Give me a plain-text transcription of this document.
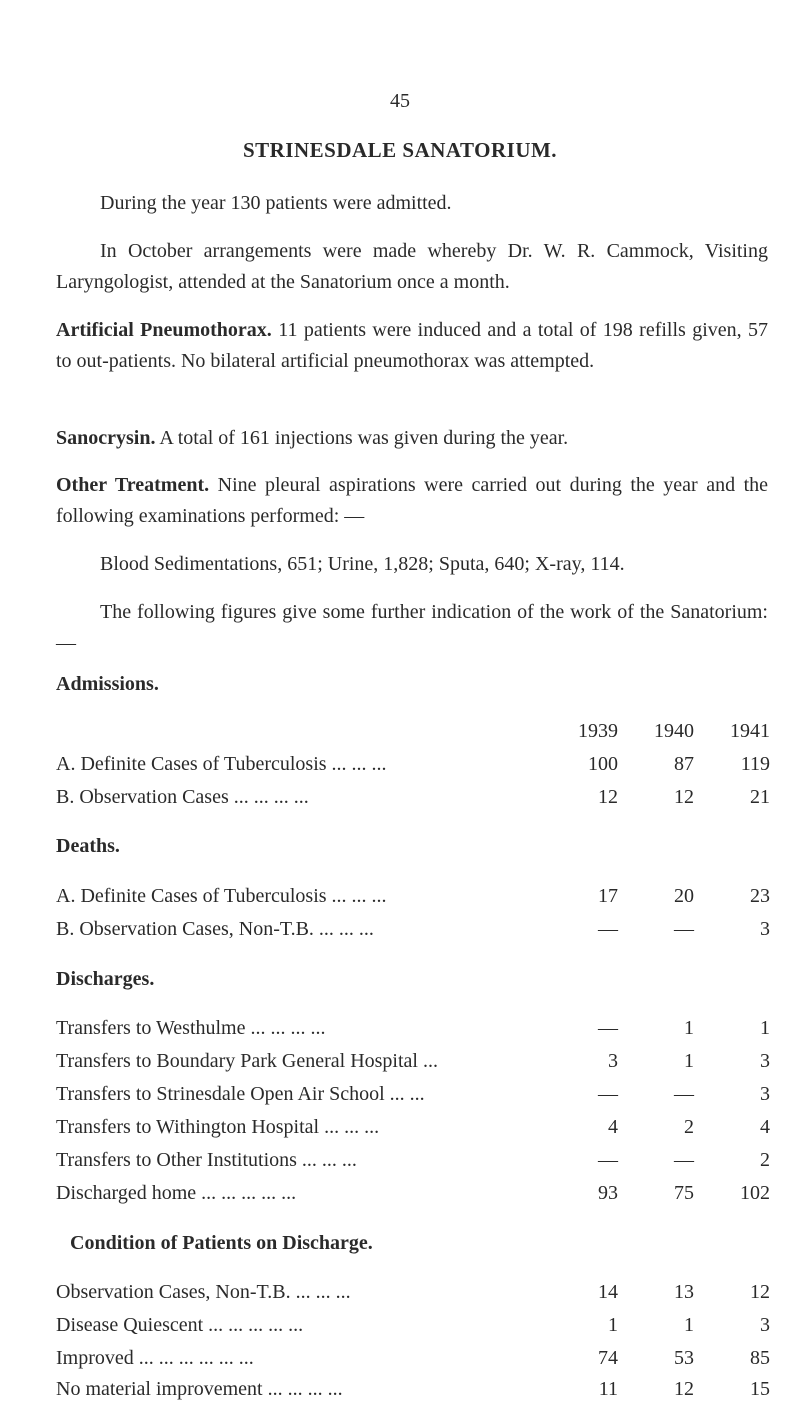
45
STRINESDALE SANATORIUM.
During the year 130 patients were admitted.
In October arrangements were made whereby Dr. W. R. Cammock, Visiting Laryngologist, attended at the Sanatorium once a month.
Artificial Pneumothorax. 11 patients were induced and a total of 198 refills given, 57 to out-patients. No bilateral artificial pneumothorax was attempted.
Sanocrysin. A total of 161 injections was given during the year.
Other Treatment. Nine pleural aspirations were carried out during the year and the following examinations performed: —
Blood Sedimentations, 651; Urine, 1,828; Sputa, 640; X-ray, 114.
The following figures give some further indication of the work of the Sanatorium: —
Admissions.
1939	1940	1941
A. Definite Cases of Tuberculosis ... ... ...	100	87	119
B. Observation Cases ... ... ... ...	12	12	21
Deaths.
A. Definite Cases of Tuberculosis ... ... ...	17	20	23
B. Observation Cases, Non-T.B. ... ... ...	—	—	3
Discharges.
Transfers to Westhulme ... ... ... ...	—	1	1
Transfers to Boundary Park General Hospital ...	3	1	3
Transfers to Strinesdale Open Air School ... ...	—	—	3
Transfers to Withington Hospital ... ... ...	4	2	4
Transfers to Other Institutions ... ... ...	—	—	2
Discharged home ... ... ... ... ...	93	75	102
Condition of Patients on Discharge.
Observation Cases, Non-T.B. ... ... ...	14	13	12
Disease Quiescent ... ... ... ... ...	1	1	3
Improved ... ... ... ... ... ...	74	53	85
No material improvement ... ... ... ...	11	12	15
